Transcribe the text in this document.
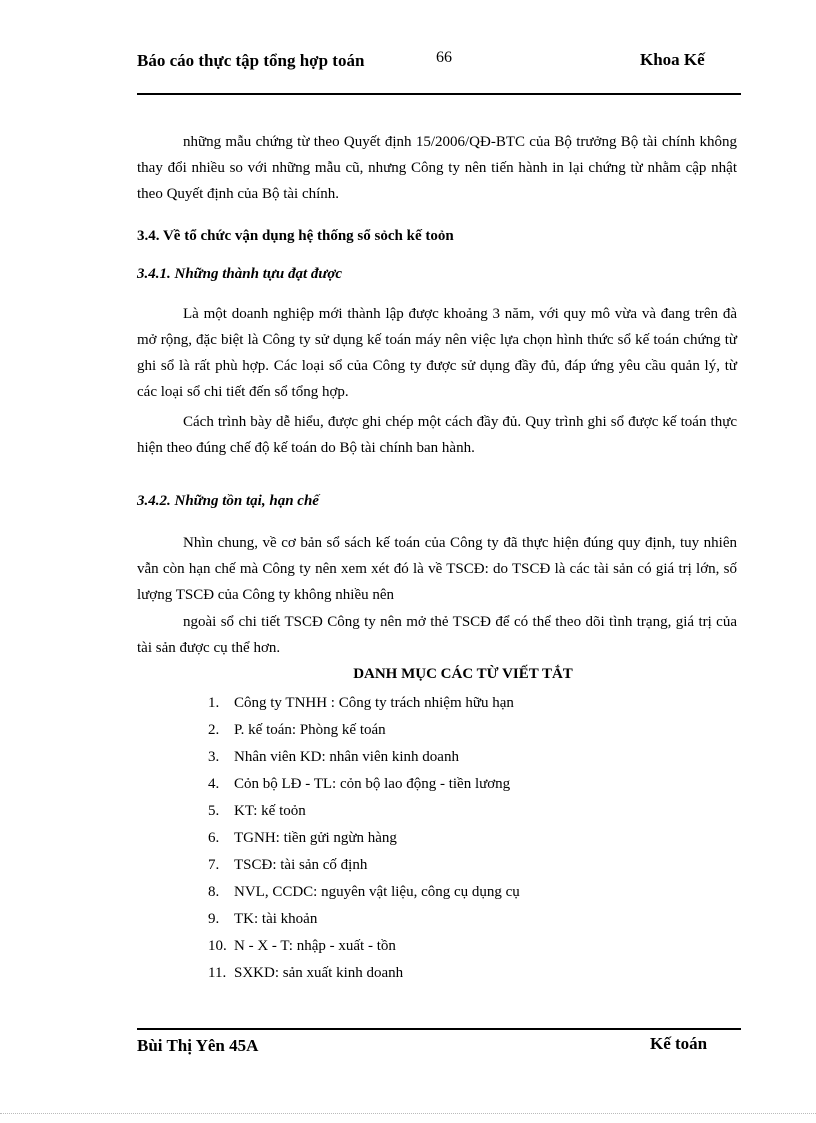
Báo cáo thực tập tổng hợp toán	66	Khoa Kế

những mẫu chứng từ theo Quyết định 15/2006/QĐ-BTC của Bộ trưởng Bộ tài chính không thay đổi nhiều so với những mẫu cũ, nhưng Công ty nên tiến hành in lại chứng từ nhằm cập nhật theo Quyết định của Bộ tài chính.

3.4. Về tổ chức vận dụng hệ thống sổ sỏch kế toỏn
3.4.1. Những thành tựu đạt được

Là một doanh nghiệp mới thành lập được khoảng 3 năm, với quy mô vừa và đang trên đà mở rộng, đặc biệt là Công ty sử dụng kế toán máy nên việc lựa chọn hình thức sổ kế toán chứng từ ghi sổ là rất phù hợp. Các loại sổ của Công ty được sử dụng đầy đủ, đáp ứng yêu cầu quản lý, từ các loại sổ chi tiết đến sổ tổng hợp.

Cách trình bày dễ hiểu, được ghi chép một cách đầy đủ. Quy trình ghi sổ được kế toán thực hiện theo đúng chế độ kế toán do Bộ tài chính ban hành.

3.4.2. Những tồn tại, hạn chế

Nhìn chung, về cơ bản sổ sách kế toán của Công ty đã thực hiện đúng quy định, tuy nhiên vẫn còn hạn chế mà Công ty nên xem xét đó là về TSCĐ: do TSCĐ là các tài sản có giá trị lớn, số lượng TSCĐ của Công ty không nhiều nên

ngoài sổ chi tiết TSCĐ Công ty nên mở thẻ TSCĐ để có thể theo dõi tình trạng, giá trị của tài sản được cụ thể hơn.

DANH MỤC CÁC TỪ VIẾT TẮT
1. Công ty TNHH : Công ty trách nhiệm hữu hạn
2. P. kế toán: Phòng kế toán
3. Nhân viên KD: nhân viên kinh doanh
4. Cỏn bộ LĐ - TL: cỏn bộ lao động - tiền lương
5. KT: kế toỏn
6. TGNH: tiền gửi ngừn hàng
7. TSCĐ: tài sản cố định
8. NVL, CCDC: nguyên vật liệu, công cụ dụng cụ
9. TK: tài khoản
10. N - X - T: nhập - xuất - tồn
11. SXKD: sản xuất kinh doanh
Bùi Thị Yên 45A	Kế toán
